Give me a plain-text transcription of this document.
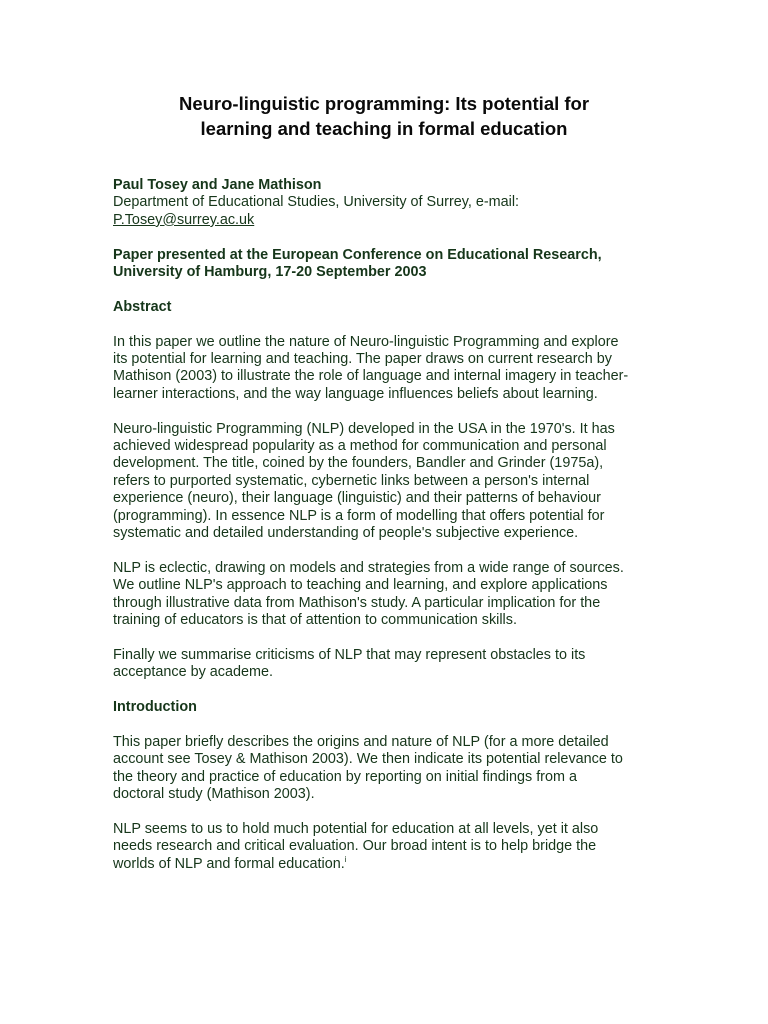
Neuro-linguistic programming: Its potential for
learning and teaching in formal education

Paul Tosey and Jane Mathison
Department of Educational Studies, University of Surrey, e-mail:
P.Tosey@surrey.ac.uk

Paper presented at the European Conference on Educational Research,
University of Hamburg, 17-20 September 2003

Abstract

In this paper we outline the nature of Neuro-linguistic Programming and explore
its potential for learning and teaching. The paper draws on current research by
Mathison (2003) to illustrate the role of language and internal imagery in teacher-
learner interactions, and the way language influences beliefs about learning.

Neuro-linguistic Programming (NLP) developed in the USA in the 1970's. It has
achieved widespread popularity as a method for communication and personal
development. The title, coined by the founders, Bandler and Grinder (1975a),
refers to purported systematic, cybernetic links between a person's internal
experience (neuro), their language (linguistic) and their patterns of behaviour
(programming). In essence NLP is a form of modelling that offers potential for
systematic and detailed understanding of people's subjective experience.

NLP is eclectic, drawing on models and strategies from a wide range of sources.
We outline NLP's approach to teaching and learning, and explore applications
through illustrative data from Mathison's study. A particular implication for the
training of educators is that of attention to communication skills.

Finally we summarise criticisms of NLP that may represent obstacles to its
acceptance by academe.

Introduction

This paper briefly describes the origins and nature of NLP (for a more detailed
account see Tosey & Mathison 2003). We then indicate its potential relevance to
the theory and practice of education by reporting on initial findings from a
doctoral study (Mathison 2003).

NLP seems to us to hold much potential for education at all levels, yet it also
needs research and critical evaluation. Our broad intent is to help bridge the
worlds of NLP and formal education.$^i$
